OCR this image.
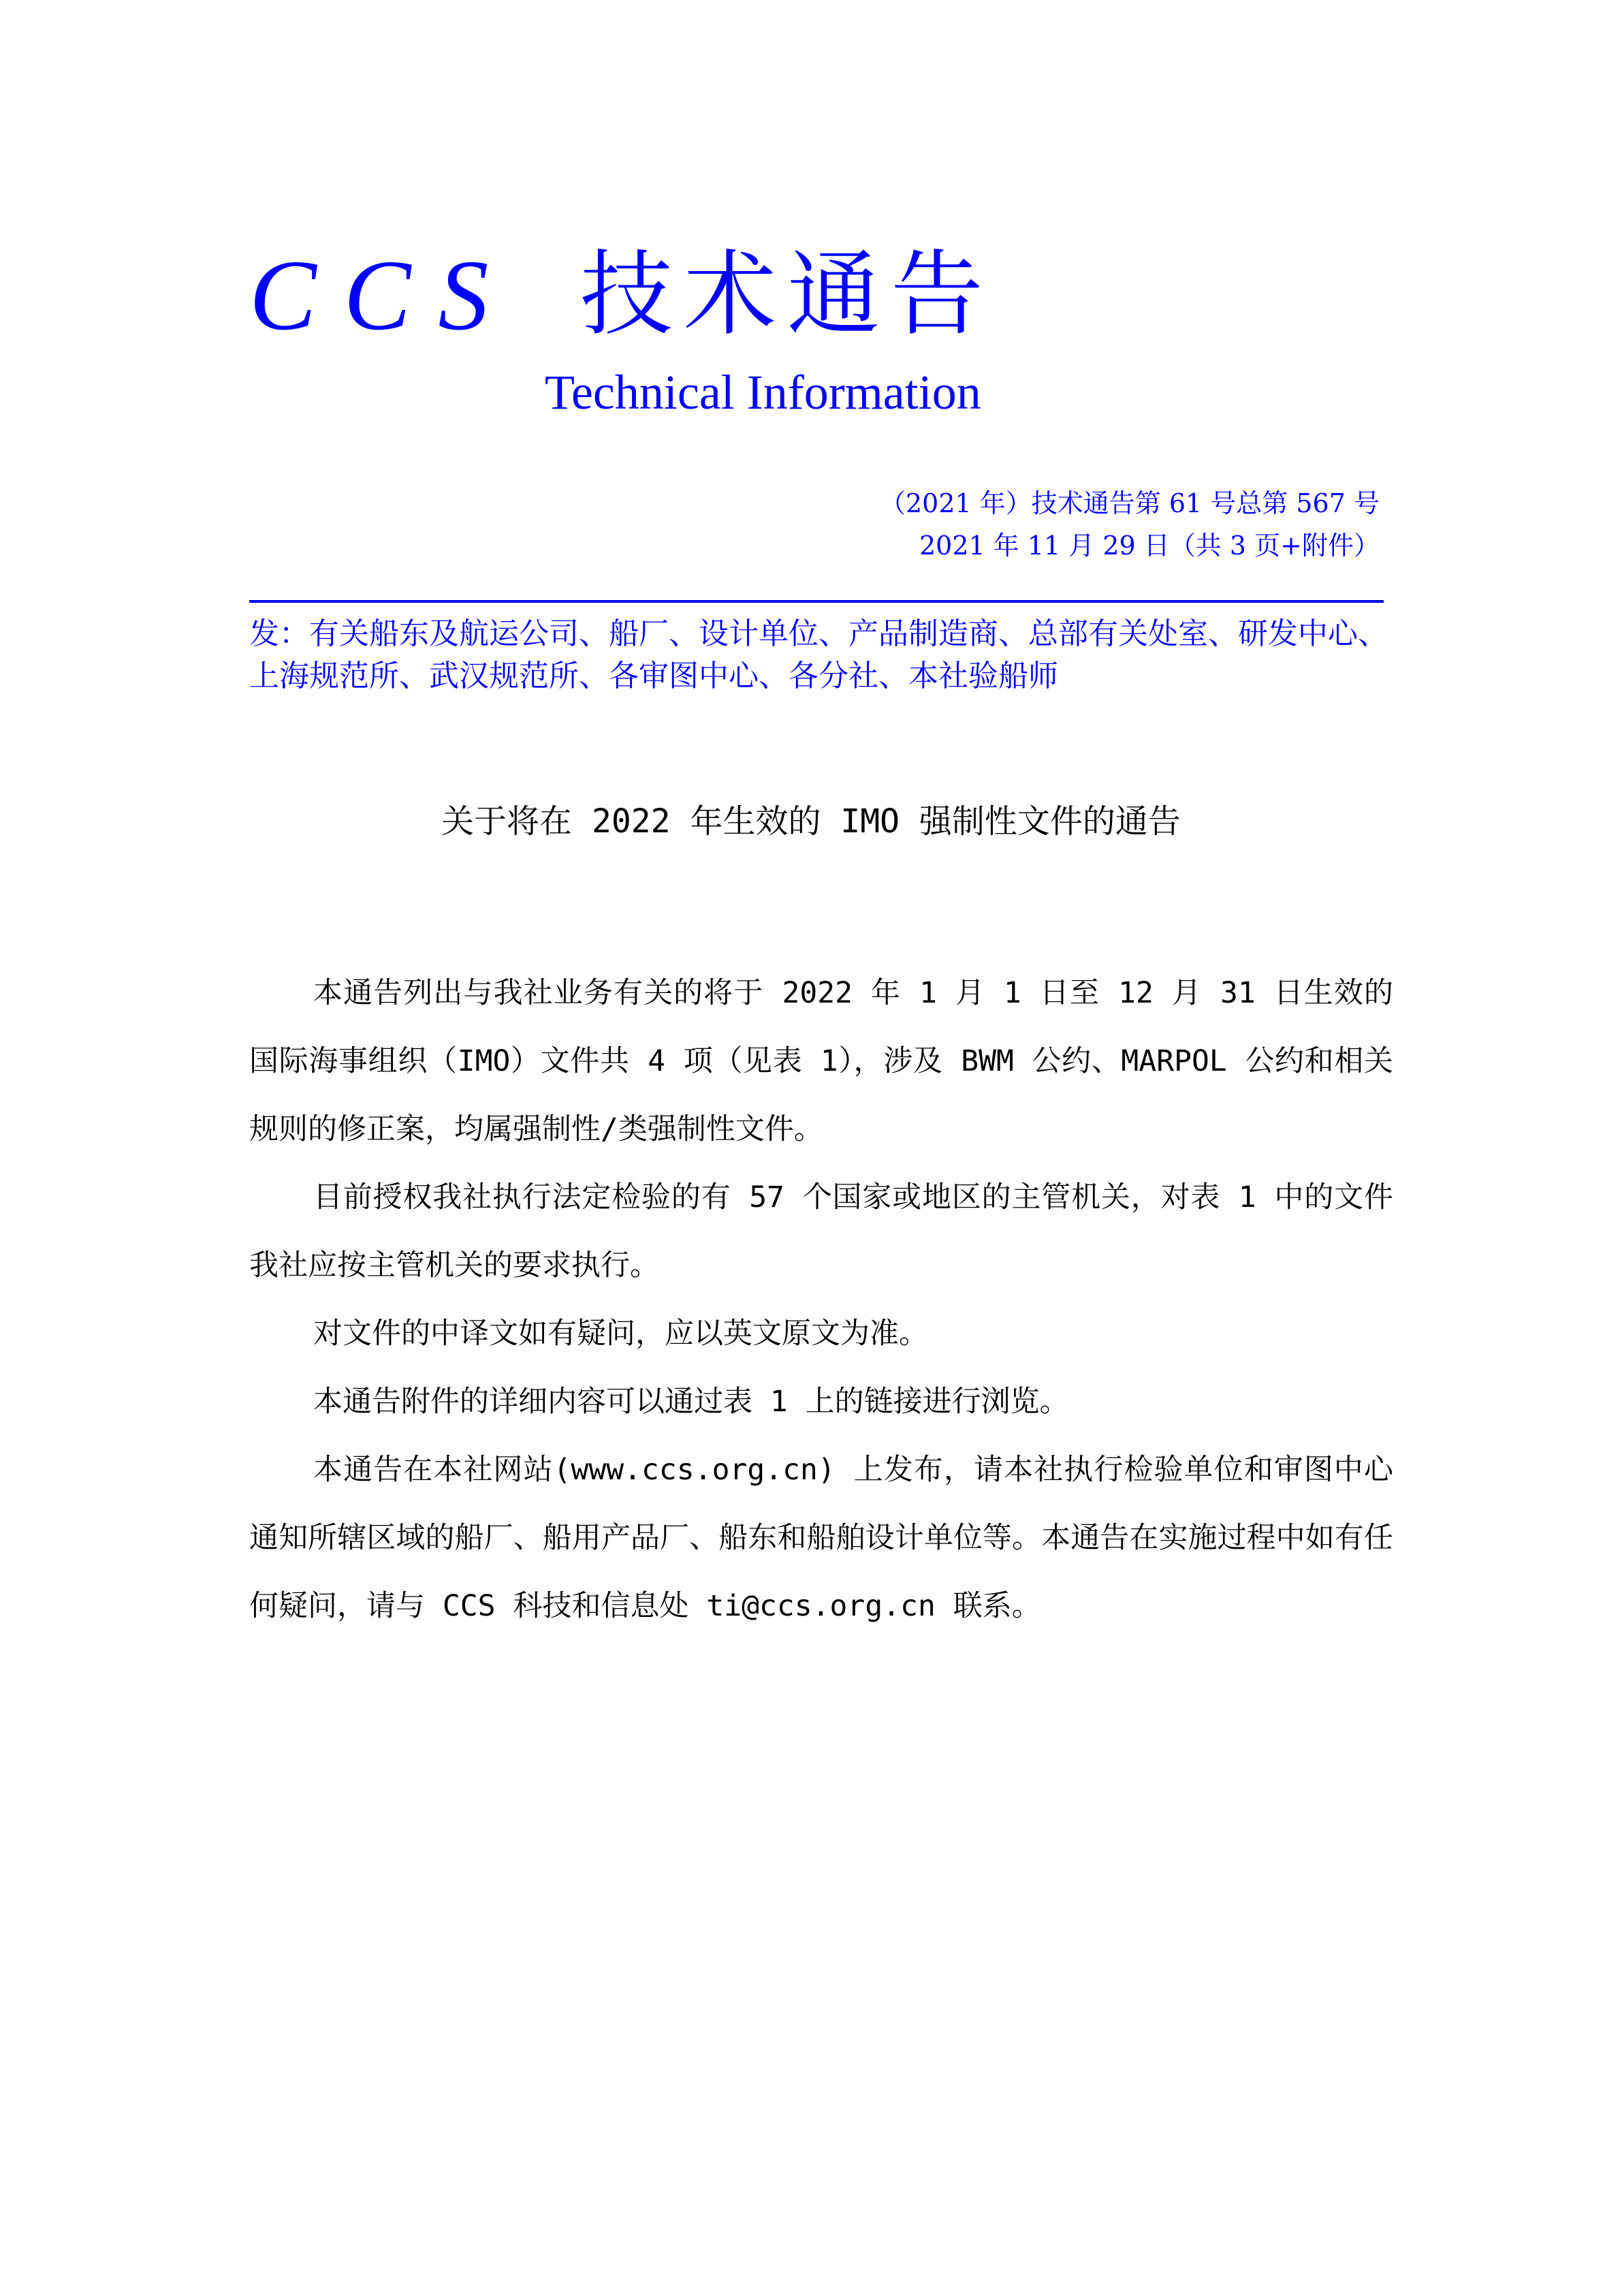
CCS 技术通告
Technical Information
（2021 年）技术通告第 61 号总第 567 号
2021 年 11 月 29 日（共 3 页+附件）
发：有关船东及航运公司、船厂、设计单位、产品制造商、总部有关处室、研发中心、上海规范所、武汉规范所、各审图中心、各分社、本社验船师
关于将在 2022 年生效的 IMO 强制性文件的通告

本通告列出与我社业务有关的将于 2022 年 1 月 1 日至 12 月 31 日生效的国际海事组织（IMO）文件共 4 项（见表 1），涉及 BWM 公约、MARPOL 公约和相关规则的修正案，均属强制性/类强制性文件。

目前授权我社执行法定检验的有 57 个国家或地区的主管机关，对表 1 中的文件我社应按主管机关的要求执行。

对文件的中译文如有疑问，应以英文原文为准。

本通告附件的详细内容可以通过表 1 上的链接进行浏览。

本通告在本社网站(www.ccs.org.cn) 上发布，请本社执行检验单位和审图中心通知所辖区域的船厂、船用产品厂、船东和船舶设计单位等。本通告在实施过程中如有任何疑问，请与 CCS 科技和信息处 ti@ccs.org.cn 联系。
